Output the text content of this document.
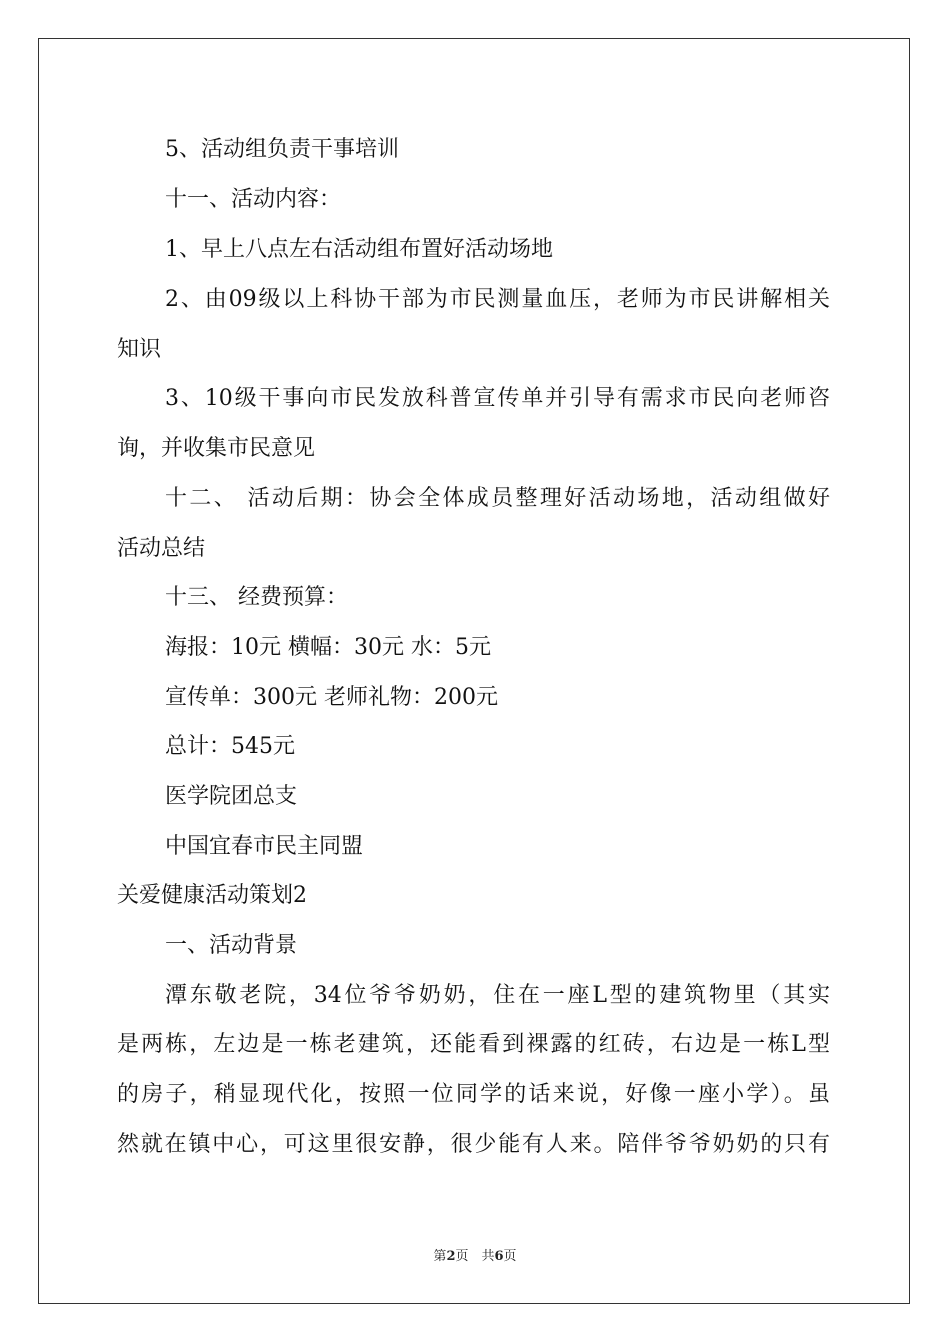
5、活动组负责干事培训
十一、活动内容：
1、早上八点左右活动组布置好活动场地
2、由09级以上科协干部为市民测量血压，老师为市民讲解相关
知识
3、10级干事向市民发放科普宣传单并引导有需求市民向老师咨
询，并收集市民意见
十二、 活动后期：协会全体成员整理好活动场地，活动组做好
活动总结
十三、 经费预算：
海报：10元 横幅：30元 水：5元
宣传单：300元 老师礼物：200元
总计：545元
医学院团总支
中国宜春市民主同盟
关爱健康活动策划2
一、活动背景
潭东敬老院，34位爷爷奶奶，住在一座L型的建筑物里（其实
是两栋，左边是一栋老建筑，还能看到裸露的红砖，右边是一栋L型
的房子，稍显现代化，按照一位同学的话来说，好像一座小学）。虽
然就在镇中心，可这里很安静，很少能有人来。陪伴爷爷奶奶的只有
第2页　共6页
